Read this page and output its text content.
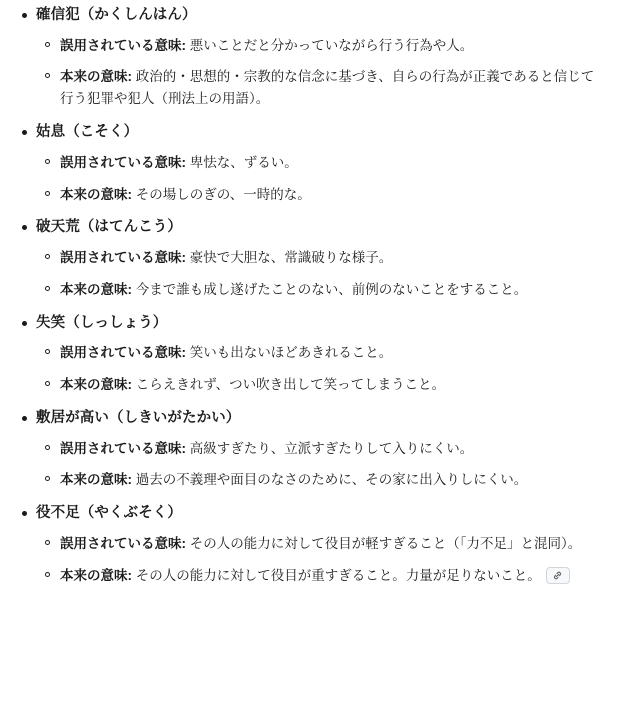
確信犯（かくしんはん）
誤用されている意味: 悪いことだと分かっていながら行う行為や人。
本来の意味: 政治的・思想的・宗教的な信念に基づき、自らの行為が正義であると信じて行う犯罪や犯人（刑法上の用語）。
姑息（こそく）
誤用されている意味: 卑怯な、ずるい。
本来の意味: その場しのぎの、一時的な。
破天荒（はてんこう）
誤用されている意味: 豪快で大胆な、常識破りな様子。
本来の意味: 今まで誰も成し遂げたことのない、前例のないことをすること。
失笑（しっしょう）
誤用されている意味: 笑いも出ないほどあきれること。
本来の意味: こらえきれず、つい吹き出して笑ってしまうこと。
敷居が高い（しきいがたかい）
誤用されている意味: 高級すぎたり、立派すぎたりして入りにくい。
本来の意味: 過去の不義理や面目のなさのために、その家に出入りしにくい。
役不足（やくぶそく）
誤用されている意味: その人の能力に対して役目が軽すぎること（「力不足」と混同）。
本来の意味: その人の能力に対して役目が重すぎること。力量が足りないこと。
